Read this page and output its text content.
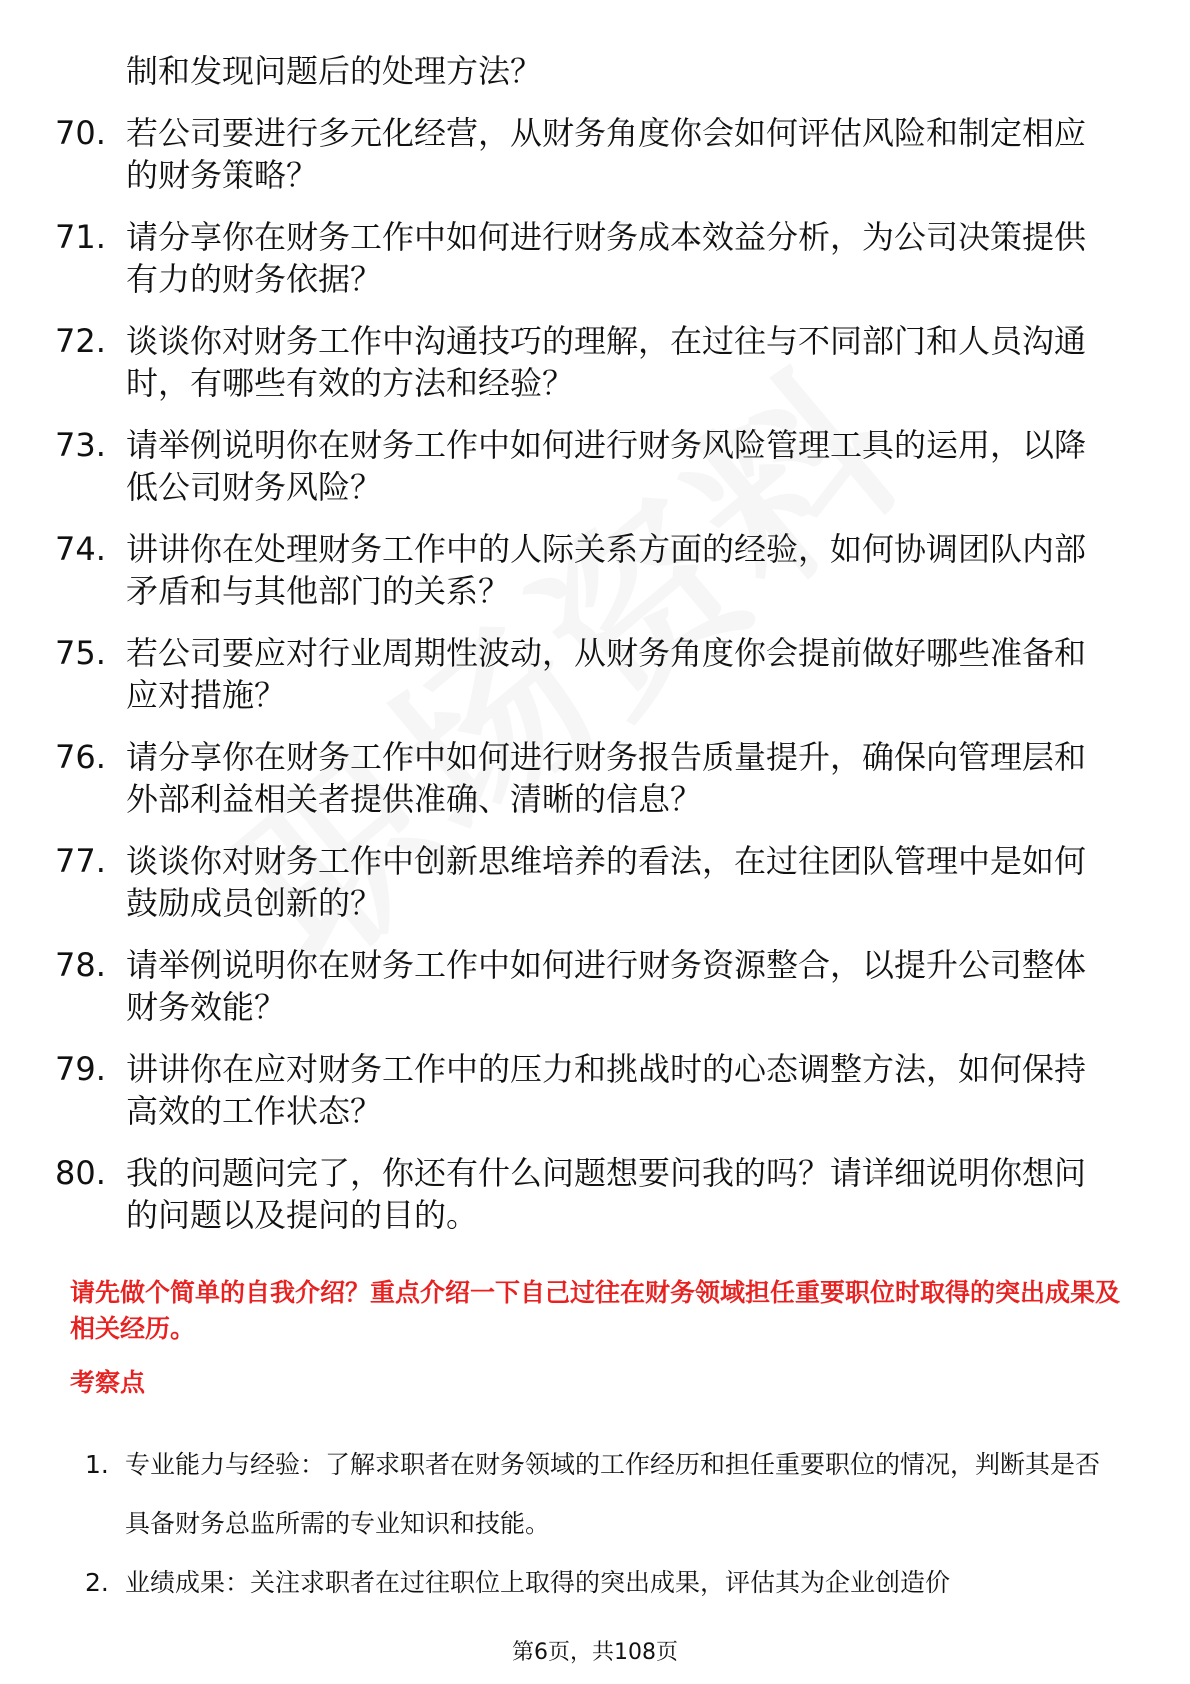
制和发现问题后的处理方法？
70. 若公司要进行多元化经营，从财务角度你会如何评估风险和制定相应的财务策略？
71. 请分享你在财务工作中如何进行财务成本效益分析，为公司决策提供有力的财务依据？
72. 谈谈你对财务工作中沟通技巧的理解，在过往与不同部门和人员沟通时，有哪些有效的方法和经验？
73. 请举例说明你在财务工作中如何进行财务风险管理工具的运用，以降低公司财务风险？
74. 讲讲你在处理财务工作中的人际关系方面的经验，如何协调团队内部矛盾和与其他部门的关系？
75. 若公司要应对行业周期性波动，从财务角度你会提前做好哪些准备和应对措施？
76. 请分享你在财务工作中如何进行财务报告质量提升，确保向管理层和外部利益相关者提供准确、清晰的信息？
77. 谈谈你对财务工作中创新思维培养的看法，在过往团队管理中是如何鼓励成员创新的？
78. 请举例说明你在财务工作中如何进行财务资源整合，以提升公司整体财务效能？
79. 讲讲你在应对财务工作中的压力和挑战时的心态调整方法，如何保持高效的工作状态？
80. 我的问题问完了，你还有什么问题想要问我的吗？请详细说明你想问的问题以及提问的目的。
请先做个简单的自我介绍？重点介绍一下自己过往在财务领域担任重要职位时取得的突出成果及相关经历。
考察点
1. 专业能力与经验：了解求职者在财务领域的工作经历和担任重要职位的情况，判断其是否具备财务总监所需的专业知识和技能。
2. 业绩成果：关注求职者在过往职位上取得的突出成果，评估其为企业创造价
第6页，共108页
